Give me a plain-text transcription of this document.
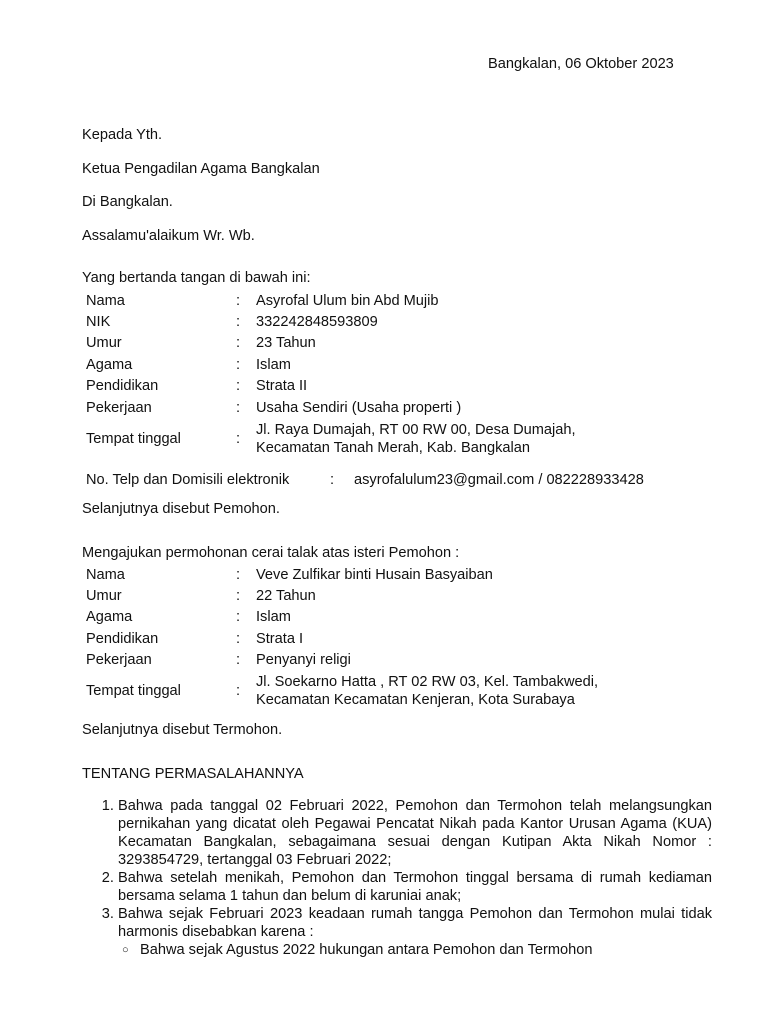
Bangkalan, 06 Oktober 2023
Kepada Yth.
Ketua Pengadilan Agama Bangkalan
Di Bangkalan.
Assalamu'alaikum Wr. Wb.
Yang bertanda tangan di bawah ini:
Nama	:	Asyrofal Ulum bin Abd Mujib
NIK	:	332242848593809
Umur	:	23 Tahun
Agama	:	Islam
Pendidikan	:	Strata II
Pekerjaan	:	Usaha Sendiri (Usaha properti )
Tempat tinggal	:	Jl. Raya Dumajah, RT 00 RW 00, Desa Dumajah,
Kecamatan Tanah Merah, Kab. Bangkalan
No. Telp dan Domisili elektronik	: asyrofalulum23@gmail.com / 082228933428
Selanjutnya disebut Pemohon.
Mengajukan permohonan cerai talak atas isteri Pemohon :
Nama	:	Veve Zulfikar binti Husain Basyaiban
Umur	:	22 Tahun
Agama	:	Islam
Pendidikan	:	Strata I
Pekerjaan	:	Penyanyi religi
Tempat tinggal	:	Jl. Soekarno Hatta , RT 02 RW 03, Kel. Tambakwedi,
Kecamatan Kecamatan Kenjeran, Kota Surabaya
Selanjutnya disebut Termohon.
TENTANG PERMASALAHANNYA
1. Bahwa pada tanggal 02 Februari 2022, Pemohon dan Termohon telah melangsungkan pernikahan yang dicatat oleh Pegawai Pencatat Nikah pada Kantor Urusan Agama (KUA) Kecamatan Bangkalan, sebagaimana sesuai dengan Kutipan Akta Nikah Nomor : 3293854729, tertanggal 03 Februari 2022;
2. Bahwa setelah menikah, Pemohon dan Termohon tinggal bersama di rumah kediaman bersama selama 1 tahun dan belum di karuniai anak;
3. Bahwa sejak Februari 2023 keadaan rumah tangga Pemohon dan Termohon mulai tidak harmonis disebabkan karena :
○ Bahwa sejak Agustus 2022 hukungan antara Pemohon dan Termohon
